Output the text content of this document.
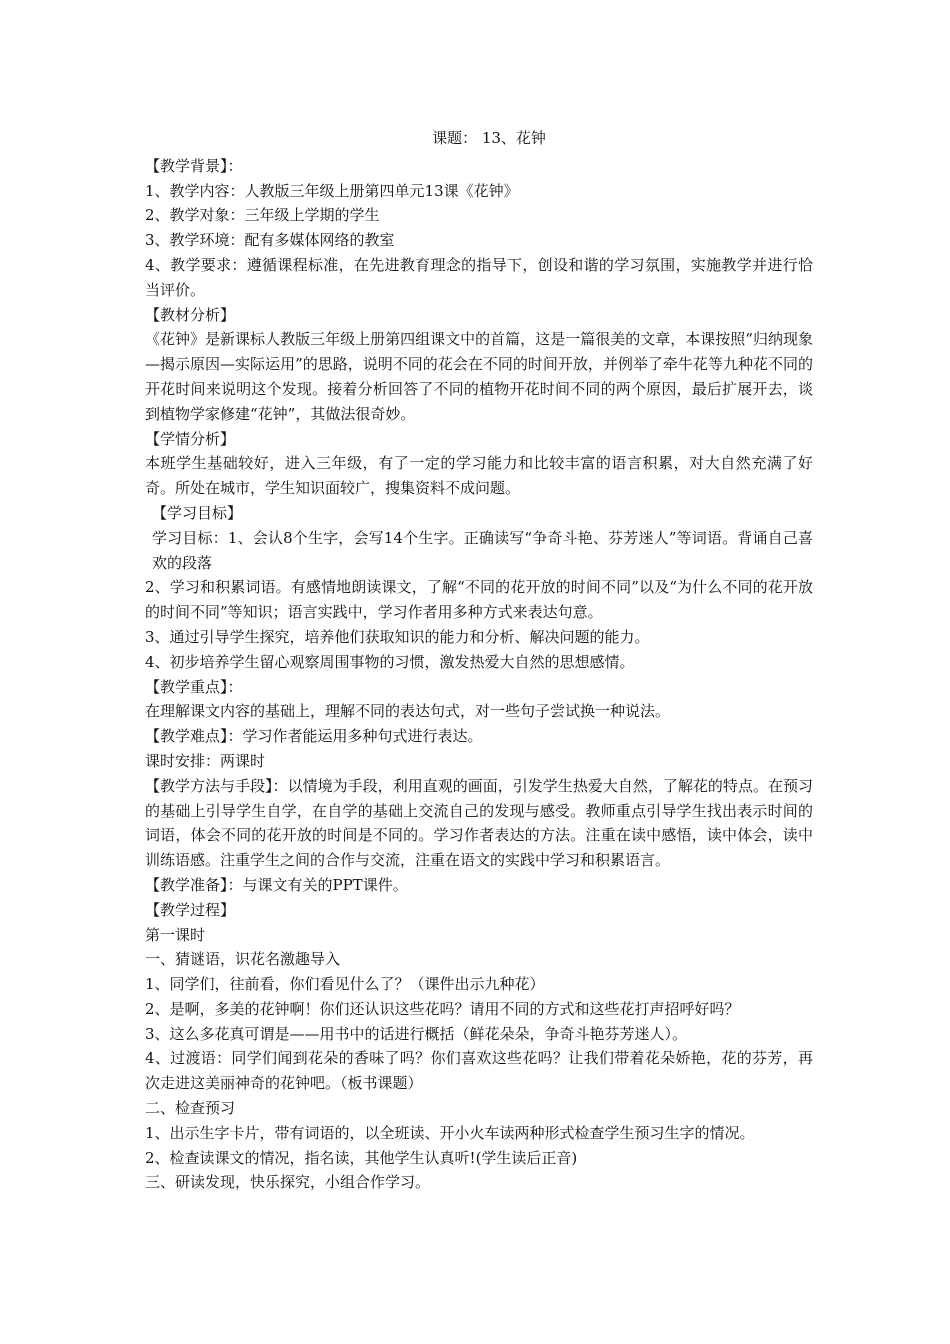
课题： 13、花钟

【教学背景】：

1、教学内容：人教版三年级上册第四单元13课《花钟》

2、教学对象：三年级上学期的学生

3、教学环境：配有多媒体网络的教室

4、教学要求：遵循课程标准，在先进教育理念的指导下，创设和谐的学习氛围，实施教学并进行恰当评价。

【教材分析】

《花钟》是新课标人教版三年级上册第四组课文中的首篇，这是一篇很美的文章，本课按照“归纳现象—揭示原因—实际运用”的思路，说明不同的花会在不同的时间开放，并例举了牵牛花等九种花不同的开花时间来说明这个发现。接着分析回答了不同的植物开花时间不同的两个原因，最后扩展开去，谈到植物学家修建“花钟”，其做法很奇妙。

【学情分析】

本班学生基础较好，进入三年级，有了一定的学习能力和比较丰富的语言积累，对大自然充满了好奇。所处在城市，学生知识面较广，搜集资料不成问题。

【学习目标】

学习目标：1、会认8个生字，会写14个生字。正确读写“争奇斗艳、芬芳迷人”等词语。背诵自己喜欢的段落

2、学习和积累词语。有感情地朗读课文，了解“不同的花开放的时间不同”以及“为什么不同的花开放的时间不同”等知识；语言实践中，学习作者用多种方式来表达句意。

3、通过引导学生探究，培养他们获取知识的能力和分析、解决问题的能力。

4、初步培养学生留心观察周围事物的习惯，激发热爱大自然的思想感情。

【教学重点】：

在理解课文内容的基础上，理解不同的表达句式，对一些句子尝试换一种说法。

【教学难点】：学习作者能运用多种句式进行表达。

课时安排：两课时

【教学方法与手段】：以情境为手段，利用直观的画面，引发学生热爱大自然，了解花的特点。在预习的基础上引导学生自学，在自学的基础上交流自己的发现与感受。教师重点引导学生找出表示时间的词语，体会不同的花开放的时间是不同的。学习作者表达的方法。注重在读中感悟，读中体会，读中训练语感。注重学生之间的合作与交流，注重在语文的实践中学习和积累语言。

【教学准备】：与课文有关的PPT课件。

【教学过程】

第一课时

一、猜谜语，识花名激趣导入

1、同学们，往前看，你们看见什么了？（课件出示九种花）

2、是啊，多美的花钟啊！你们还认识这些花吗？请用不同的方式和这些花打声招呼好吗？

3、这么多花真可谓是——用书中的话进行概括（鲜花朵朵，争奇斗艳芬芳迷人）。

4、过渡语：同学们闻到花朵的香味了吗？你们喜欢这些花吗？让我们带着花朵娇艳，花的芬芳，再次走进这美丽神奇的花钟吧。（板书课题）

二、检查预习

1、出示生字卡片，带有词语的，以全班读、开小火车读两种形式检查学生预习生字的情况。

2、检查读课文的情况，指名读，其他学生认真听!(学生读后正音)

三、研读发现，快乐探究，小组合作学习。
